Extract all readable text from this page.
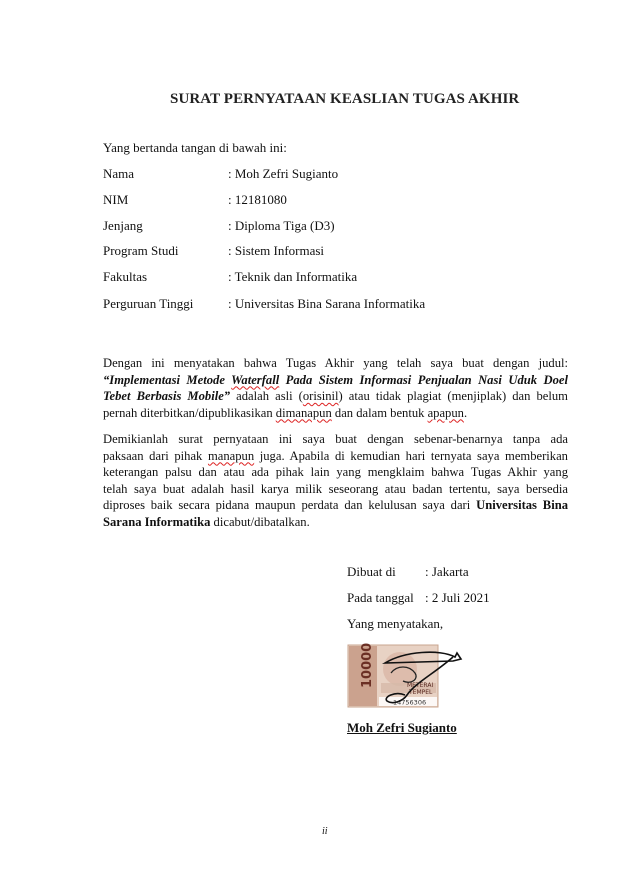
SURAT PERNYATAAN KEASLIAN TUGAS AKHIR
Yang bertanda tangan di bawah ini:
Nama	: Moh Zefri Sugianto
NIM	: 12181080
Jenjang	: Diploma Tiga (D3)
Program Studi	: Sistem Informasi
Fakultas	: Teknik dan Informatika
Perguruan Tinggi	: Universitas Bina Sarana Informatika
Dengan ini menyatakan bahwa Tugas Akhir yang telah saya buat dengan judul:
“Implementasi Metode Waterfall Pada Sistem Informasi Penjualan Nasi Uduk Doel
Tebet Berbasis Mobile” adalah asli (orisinil) atau tidak plagiat (menjiplak) dan belum
pernah diterbitkan/dipublikasikan dimanapun dan dalam bentuk apapun.
Demikianlah surat pernyataan ini saya buat dengan sebenar-benarnya tanpa ada
paksaan dari pihak manapun juga. Apabila di kemudian hari ternyata saya memberikan
keterangan palsu dan atau ada pihak lain yang mengklaim bahwa Tugas Akhir yang
telah saya buat adalah hasil karya milik seseorang atau badan tertentu, saya bersedia
diproses baik secara pidana maupun perdata dan kelulusan saya dari Universitas Bina
Sarana Informatika dicabut/dibatalkan.
Dibuat di : Jakarta
Pada tanggal : 2 Juli 2021
Yang menyatakan,
10000	METERAI
TEMPEL
14756306
Moh Zefri Sugianto
ii
